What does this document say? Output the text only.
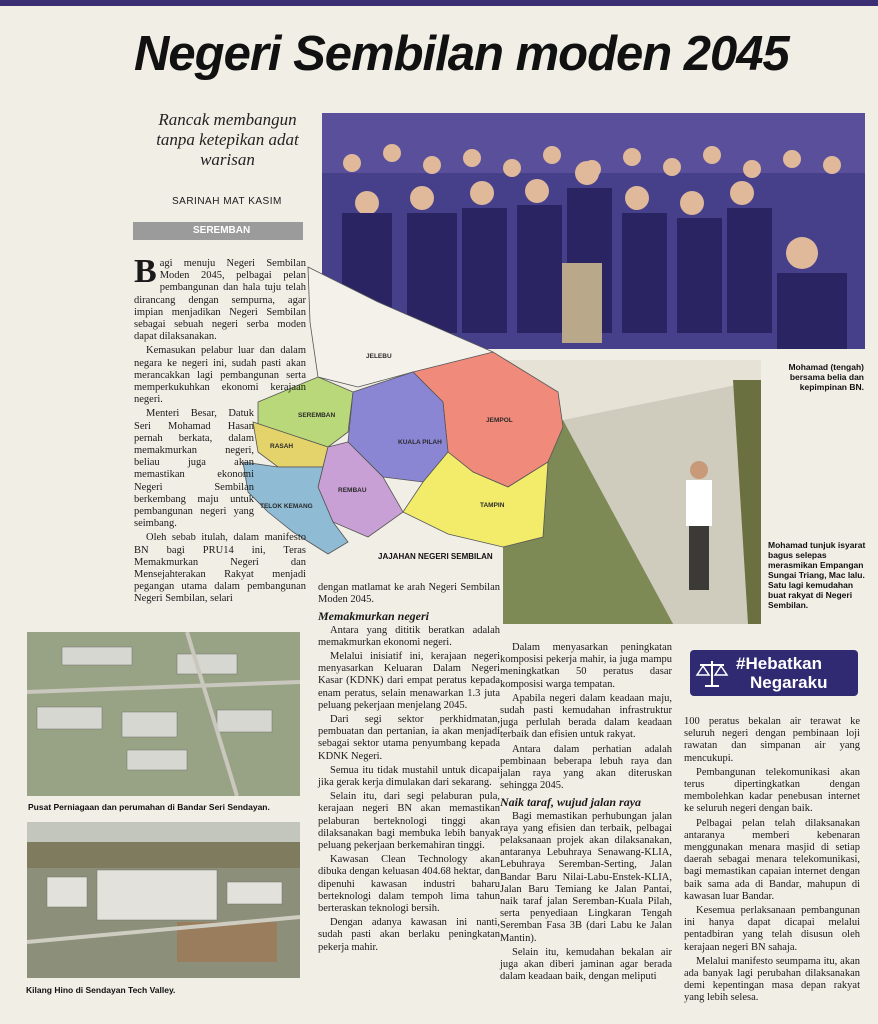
Negeri Sembilan moden 2045
Rancak membangun tanpa ketepikan adat warisan
SARINAH MAT KASIM
SEREMBAN
Mohamad (tengah) bersama belia dan kepimpinan BN.
Mohamad tunjuk isyarat bagus selepas merasmikan Empangan Sungai Triang, Mac lalu. Satu lagi kemudahan buat rakyat di Negeri Sembilan.
JELEBU
SEREMBAN
JEMPOL
KUALA PILAH
RASAH
REMBAU
TELOK KEMANG	TAMPIN
JAJAHAN NEGERI SEMBILAN

Bagi menuju Negeri Sembilan Moden 2045, pelbagai pelan pembangunan dan hala tuju telah dirancang dengan sempurna, agar impian menjadikan Negeri Sembilan sebagai sebuah negeri serba moden dapat dilaksanakan.

Kemasukan pelabur luar dan dalam negara ke negeri ini, sudah pasti akan merancakkan lagi pembangunan serta memperkukuhkan ekonomi kerajaan negeri.

Menteri Besar, Datuk Seri Mohamad Hasan pernah berkata, dalam memakmurkan negeri, beliau juga akan memastikan ekonomi Negeri Sembilan berkembang maju untuk pembangunan negeri yang seimbang.

Oleh sebab itulah, dalam manifesto BN bagi PRU14 ini, Teras Memakmurkan Negeri dan Mensejahterakan Rakyat menjadi pegangan utama dalam pembangunan Negeri Sembilan, selari

dengan matlamat ke arah Negeri Sembilan Moden 2045.

Memakmurkan negeri

Antara yang dititik beratkan adalah memakmurkan ekonomi negeri.

Melalui inisiatif ini, kerajaan negeri menyasarkan Keluaran Dalam Negeri Kasar (KDNK) dari empat peratus kepada enam peratus, selain menawarkan 1.3 juta peluang pekerjaan menjelang 2045.

Dari segi sektor perkhidmatan, pembuatan dan pertanian, ia akan menjadi sebagai sektor utama penyumbang kepada KDNK Negeri.

Semua itu tidak mustahil untuk dicapai jika gerak kerja dimulakan dari sekarang.

Selain itu, dari segi pelaburan pula, kerajaan negeri BN akan memastikan pelaburan berteknologi tinggi akan dilaksanakan bagi membuka lebih banyak peluang pekerjaan berkemahiran tinggi.

Kawasan Clean Technology akan dibuka dengan keluasan 404.68 hektar, dan dipenuhi kawasan industri baharu berteknologi dalam tempoh lima tahun berteraskan teknologi bersih.

Dengan adanya kawasan ini nanti, sudah pasti akan berlaku peningkatan pekerja mahir.

Dalam menyasarkan peningkatan komposisi pekerja mahir, ia juga mampu meningkatkan 50 peratus dasar komposisi warga tempatan.

Apabila negeri dalam keadaan maju, sudah pasti kemudahan infrastruktur juga perlulah berada dalam keadaan terbaik dan efisien untuk rakyat.

Antara dalam perhatian adalah pembinaan beberapa lebuh raya dan jalan raya yang akan diteruskan sehingga 2045.

Naik taraf, wujud jalan raya

Bagi memastikan perhubungan jalan raya yang efisien dan terbaik, pelbagai pelaksanaan projek akan dilaksanakan, antaranya Lebuhraya Senawang-KLIA, Lebuhraya Seremban-Serting, Jalan Bandar Baru Nilai-Labu-Enstek-KLIA, Jalan Baru Temiang ke Jalan Pantai, naik taraf jalan Seremban-Kuala Pilah, serta penyediaan Lingkaran Tengah Seremban Fasa 3B (dari Labu ke Jalan Mantin).

Selain itu, kemudahan bekalan air juga akan diberi jaminan agar berada dalam keadaan baik, dengan meliputi

#Hebatkan
Negaraku

100 peratus bekalan air terawat ke seluruh negeri dengan pembinaan loji rawatan dan simpanan air yang mencukupi.

Pembangunan telekomunikasi akan terus dipertingkatkan dengan membolehkan kadar penebusan internet ke seluruh negeri dengan baik.

Pelbagai pelan telah dilaksanakan antaranya memberi kebenaran menggunakan menara masjid di setiap daerah sebagai menara telekomunikasi, bagi memastikan capaian internet dengan baik sama ada di Bandar, mahupun di kawasan luar Bandar.

Kesemua perlaksanaan pembangunan ini hanya dapat dicapai melalui pentadbiran yang telah disusun oleh kerajaan negeri BN sahaja.

Melalui manifesto seumpama itu, akan ada banyak lagi perubahan dilaksanakan demi kepentingan masa depan rakyat yang lebih selesa.

Pusat Perniagaan dan perumahan di Bandar Seri Sendayan.
Kilang Hino di Sendayan Tech Valley.
